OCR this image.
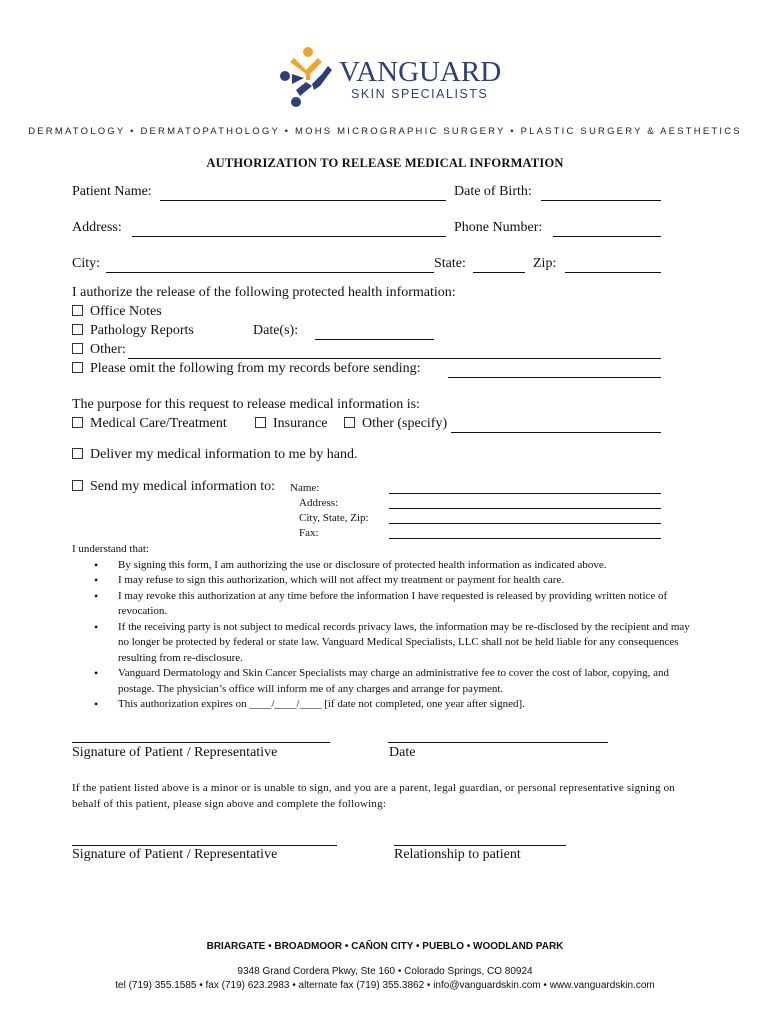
VANGUARD
SKIN SPECIALISTS
DERMATOLOGY • DERMATOPATHOLOGY • MOHS MICROGRAPHIC SURGERY • PLASTIC SURGERY & AESTHETICS
AUTHORIZATION TO RELEASE MEDICAL INFORMATION
Patient Name:	Date of Birth:
Address:	Phone Number:
City:	State:	Zip:
I authorize the release of the following protected health information:
Office Notes
Pathology Reports	Date(s):
Other:
Please omit the following from my records before sending:
The purpose for this request to release medical information is:
Medical Care/Treatment	Insurance	Other (specify)
Deliver my medical information to me by hand.
Send my medical information to: Name:
Address:
City, State, Zip:
Fax:
I understand that:
• By signing this form, I am authorizing the use or disclosure of protected health information as indicated above.
• I may refuse to sign this authorization, which will not affect my treatment or payment for health care.
• I may revoke this authorization at any time before the information I have requested is released by providing written notice of revocation.
• If the receiving party is not subject to medical records privacy laws, the information may be re-disclosed by the recipient and may no longer be protected by federal or state law. Vanguard Medical Specialists, LLC shall not be held liable for any consequences resulting from re-disclosure.
• Vanguard Dermatology and Skin Cancer Specialists may charge an administrative fee to cover the cost of labor, copying, and postage. The physician’s office will inform me of any charges and arrange for payment.
• This authorization expires on ____/____/____ [if date not completed, one year after signed].
Signature of Patient / Representative	Date
If the patient listed above is a minor or is unable to sign, and you are a parent, legal guardian, or personal representative signing on behalf of this patient, please sign above and complete the following:
Signature of Patient / Representative	Relationship to patient
BRIARGATE • BROADMOOR • CAÑON CITY • PUEBLO • WOODLAND PARK
9348 Grand Cordera Pkwy, Ste 160 • Colorado Springs, CO 80924
tel (719) 355.1585 • fax (719) 623.2983 • alternate fax (719) 355.3862 • info@vanguardskin.com • www.vanguardskin.com
